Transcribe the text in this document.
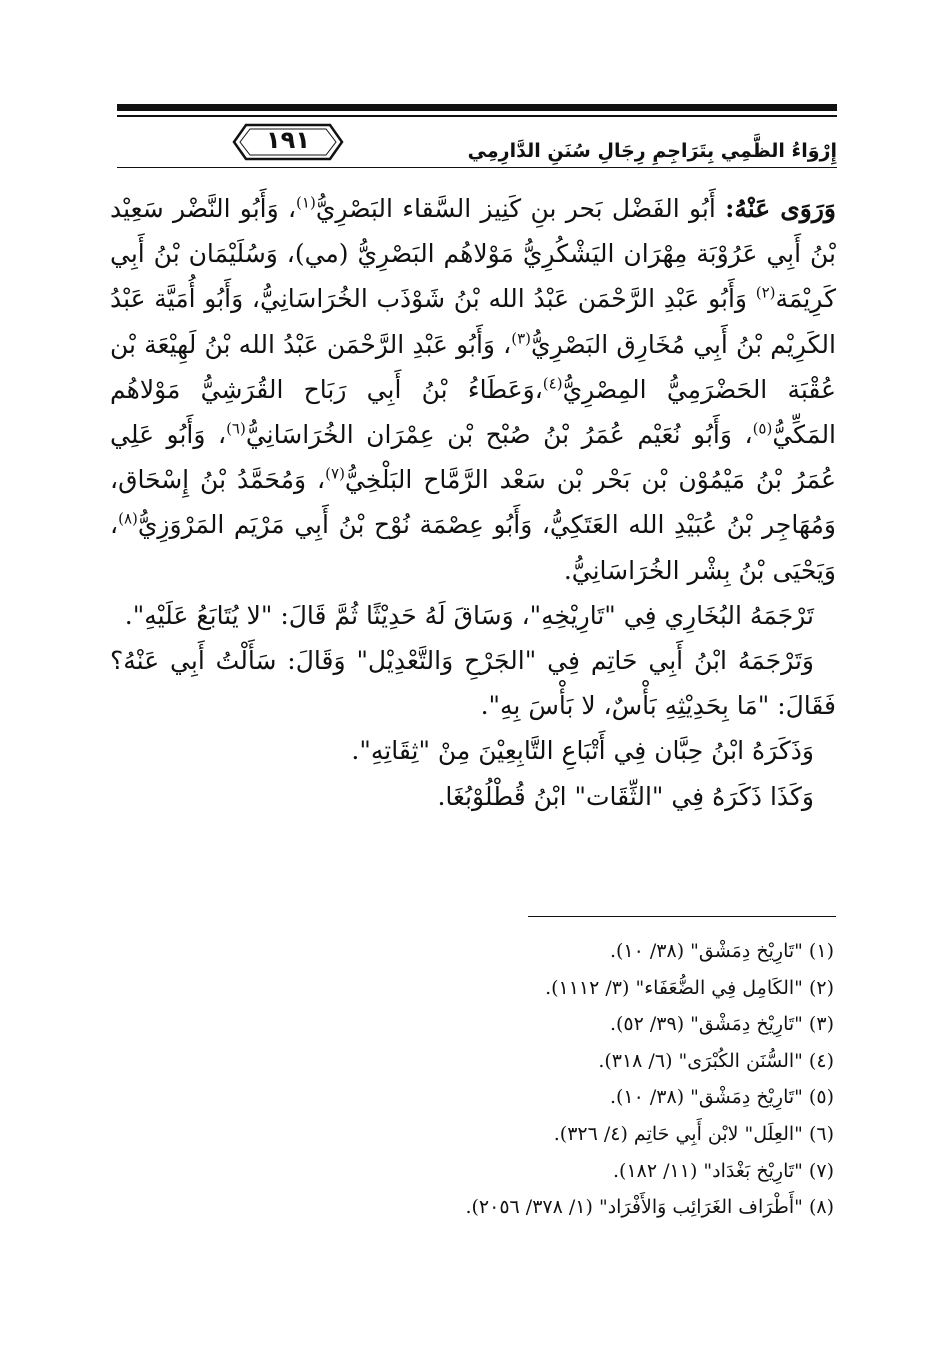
١٩١	إِرْوَاءُ الظَّمِي بِتَرَاجِمِ رِجَالِ سُنَنِ الدَّارِمِي

وَرَوَى عَنْهُ: أَبُو الفَضْل بَحر بنِ كَنِيز السَّقاء البَصْرِيُّ$^{(١)}$، وَأَبُو النَّضْر سَعِيْد بْنُ أَبِي عَرُوْبَة مِهْرَان اليَشْكُرِيُّ مَوْلاهُم البَصْرِيُّ (مي)، وَسُلَيْمَان بْنُ أَبِي كَرِيْمَة$^{(٢)}$ وَأَبُو عَبْدِ الرَّحْمَن عَبْدُ الله بْنُ شَوْذَب الخُرَاسَانِيُّ، وَأَبُو أُمَيَّة عَبْدُ الكَرِيْم بْنُ أَبِي مُخَارِق البَصْرِيُّ$^{(٣)}$، وَأَبُو عَبْدِ الرَّحْمَن عَبْدُ الله بْنُ لَهِيْعَة بْن عُقْبَة الحَضْرَمِيُّ المِصْرِيُّ$^{(٤)}$،وَعَطَاءُ بْنُ أَبِي رَبَاح القُرَشِيُّ مَوْلاهُم المَكِّيُّ$^{(٥)}$، وَأَبُو نُعَيْم عُمَرُ بْنُ صُبْح بْن عِمْرَان الخُرَاسَانِيُّ$^{(٦)}$، وَأَبُو عَلِي عُمَرُ بْنُ مَيْمُوْن بْن بَحْر بْن سَعْد الرَّمَّاح البَلْخِيُّ$^{(٧)}$، وَمُحَمَّدُ بْنُ إِسْحَاق، وَمُهَاجِر بْنُ عُبَيْدِ الله العَتَكِيُّ، وَأَبُو عِصْمَة نُوْح بْنُ أَبِي مَرْيَم المَرْوَزِيُّ$^{(٨)}$، وَيَحْيَى بْنُ بِشْر الخُرَاسَانِيُّ.

تَرْجَمَهُ البُخَارِي فِي "تَارِيْخِهِ"، وَسَاقَ لَهُ حَدِيْثًا ثُمَّ قَالَ: "لا يُتَابَعُ عَلَيْهِ".

وَتَرْجَمَهُ ابْنُ أَبِي حَاتِم فِي "الجَرْحِ وَالتَّعْدِيْل" وَقَالَ: سَأَلْتُ أَبِي عَنْهُ؟ فَقَالَ: "مَا بِحَدِيْثِهِ بَأْسٌ، لا بَأْسَ بِهِ".

وَذَكَرَهُ ابْنُ حِبَّان فِي أَتْبَاعِ التَّابِعِيْنَ مِنْ "ثِقَاتِهِ".

وَكَذَا ذَكَرَهُ فِي "الثِّقَات" ابْنُ قُطْلُوْبُغَا.

(١) "تَارِيْخ دِمَشْق" (٣٨/ ١٠).
(٢) "الكَامِل فِي الضُّعَفَاء" (٣/ ١١١٢).
(٣) "تَارِيْخ دِمَشْق" (٣٩/ ٥٢).
(٤) "السُّنَن الكُبْرَى" (٦/ ٣١٨).
(٥) "تَارِيْخ دِمَشْق" (٣٨/ ١٠).
(٦) "العِلَل" لابْن أَبِي حَاتِم (٤/ ٣٢٦).
(٧) "تَارِيْخ بَغْدَاد" (١١/ ١٨٢).
(٨) "أَطْرَاف الغَرَائِب وَالأَفْرَاد" (١/ ٣٧٨/ ٢٠٥٦).
